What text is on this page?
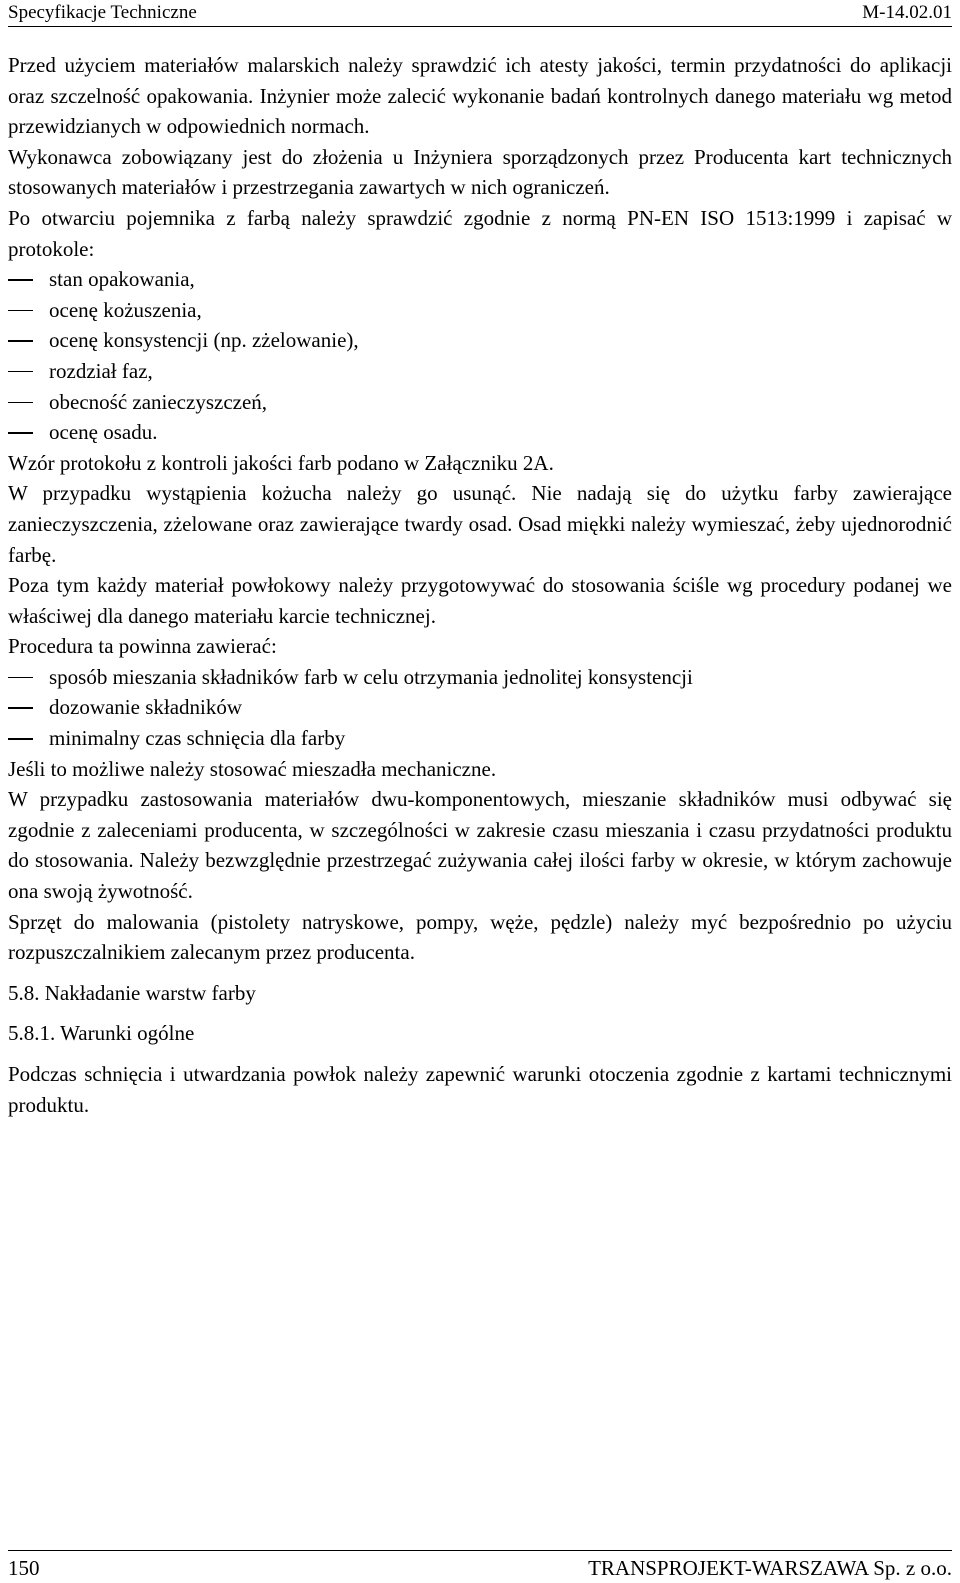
Specyfikacje Techniczne	M-14.02.01

Przed użyciem materiałów malarskich należy sprawdzić ich atesty jakości, termin przydatności do aplikacji oraz szczelność opakowania. Inżynier może zalecić wykonanie badań kontrolnych danego materiału wg metod przewidzianych w odpowiednich normach.

Wykonawca zobowiązany jest do złożenia u Inżyniera sporządzonych przez Producenta kart technicznych stosowanych materiałów i przestrzegania zawartych w nich ograniczeń.

Po otwarciu pojemnika z farbą należy sprawdzić zgodnie z normą PN-EN ISO 1513:1999 i zapisać w protokole:

stan opakowania,
ocenę kożuszenia,
ocenę konsystencji (np. zżelowanie),
rozdział faz,
obecność zanieczyszczeń,
ocenę osadu.

Wzór protokołu z kontroli jakości farb podano w Załączniku 2A.

W przypadku wystąpienia kożucha należy go usunąć. Nie nadają się do użytku farby zawierające zanieczyszczenia, zżelowane oraz zawierające twardy osad. Osad miękki należy wymieszać, żeby ujednorodnić farbę.

Poza tym każdy materiał powłokowy należy przygotowywać do stosowania ściśle wg procedury podanej we właściwej dla danego materiału karcie technicznej.

Procedura ta powinna zawierać:

sposób mieszania składników farb w celu otrzymania jednolitej konsystencji
dozowanie składników
minimalny czas schnięcia dla farby

Jeśli to możliwe należy stosować mieszadła mechaniczne.

W przypadku zastosowania materiałów dwu-komponentowych, mieszanie składników musi odbywać się zgodnie z zaleceniami producenta, w szczególności w zakresie czasu mieszania i czasu przydatności produktu do stosowania. Należy bezwzględnie przestrzegać zużywania całej ilości farby w okresie, w którym zachowuje ona swoją żywotność.

Sprzęt do malowania (pistolety natryskowe, pompy, węże, pędzle) należy myć bezpośrednio po użyciu rozpuszczalnikiem zalecanym przez producenta.

5.8. Nakładanie warstw farby

5.8.1. Warunki ogólne

Podczas schnięcia i utwardzania powłok należy zapewnić warunki otoczenia zgodnie z kartami technicznymi produktu.

150	TRANSPROJEKT-WARSZAWA Sp. z o.o.
